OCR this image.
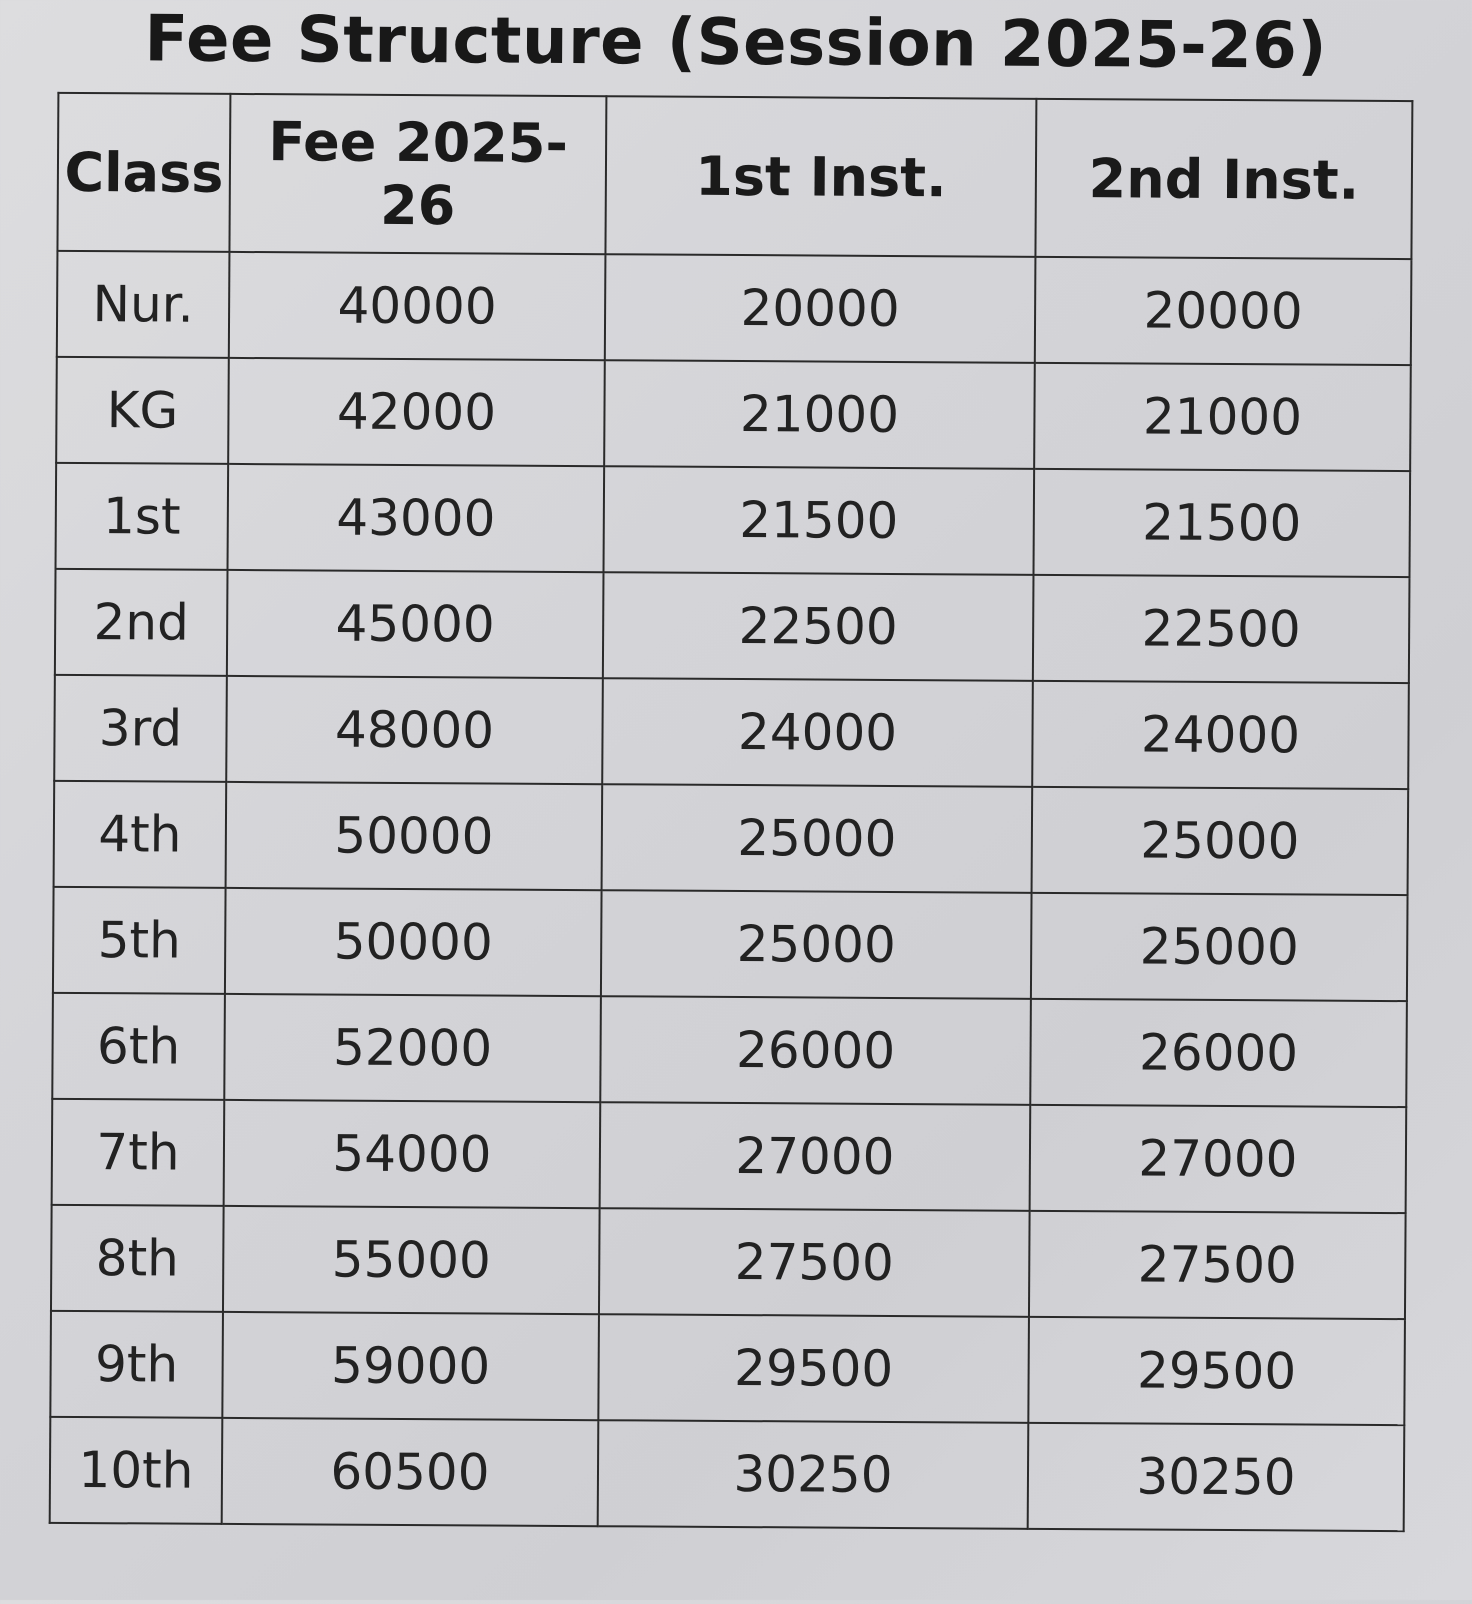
Fee Structure (Session 2025-26)
Class	Fee 2025-26	1st Inst.	2nd Inst.
Nur.	40000	20000	20000
KG	42000	21000	21000
1st	43000	21500	21500
2nd	45000	22500	22500
3rd	48000	24000	24000
4th	50000	25000	25000
5th	50000	25000	25000
6th	52000	26000	26000
7th	54000	27000	27000
8th	55000	27500	27500
9th	59000	29500	29500
10th	60500	30250	30250
